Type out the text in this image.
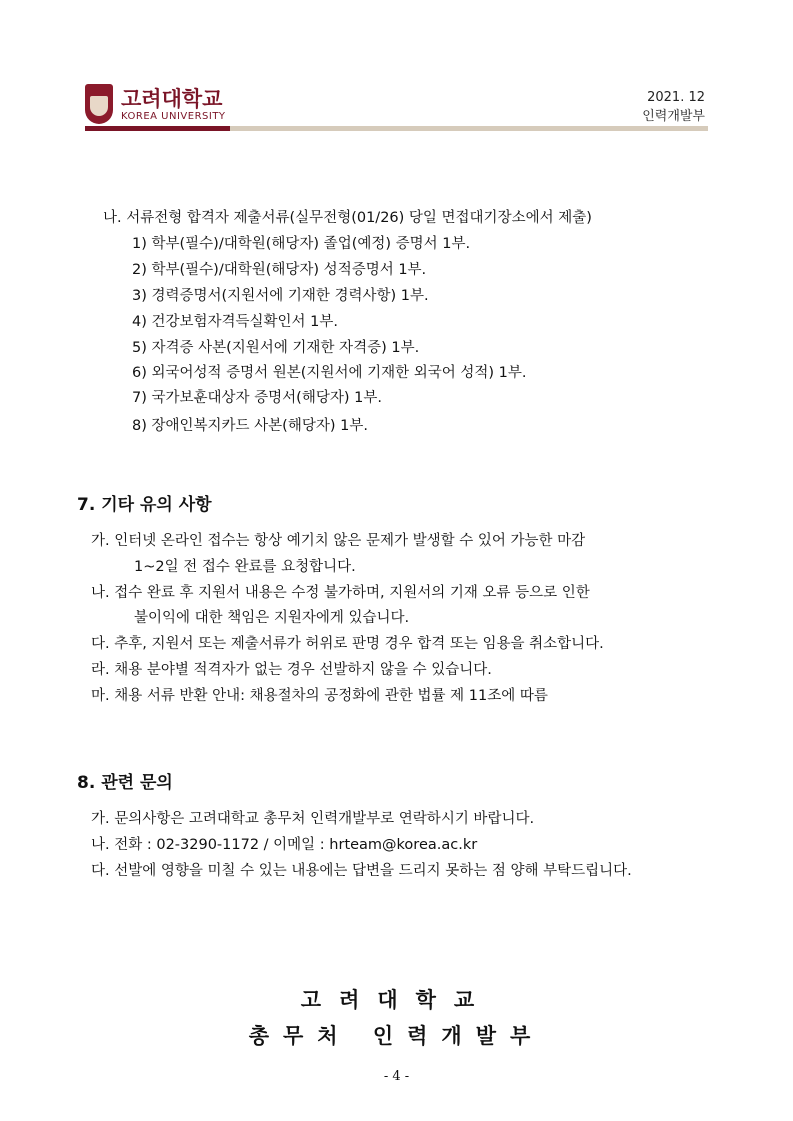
고려대학교
KOREA UNIVERSITY
2021. 12
인력개발부
나. 서류전형 합격자 제출서류(실무전형(01/26) 당일 면접대기장소에서 제출)
1) 학부(필수)/대학원(해당자) 졸업(예정) 증명서 1부.
2) 학부(필수)/대학원(해당자) 성적증명서 1부.
3) 경력증명서(지원서에 기재한 경력사항) 1부.
4) 건강보험자격득실확인서 1부.
5) 자격증 사본(지원서에 기재한 자격증) 1부.
6) 외국어성적 증명서 원본(지원서에 기재한 외국어 성적) 1부.
7) 국가보훈대상자 증명서(해당자) 1부.
8) 장애인복지카드 사본(해당자) 1부.
7. 기타 유의 사항
가. 인터넷 온라인 접수는 항상 예기치 않은 문제가 발생할 수 있어 가능한 마감
1~2일 전 접수 완료를 요청합니다.
나. 접수 완료 후 지원서 내용은 수정 불가하며, 지원서의 기재 오류 등으로 인한
불이익에 대한 책임은 지원자에게 있습니다.
다. 추후, 지원서 또는 제출서류가 허위로 판명 경우 합격 또는 임용을 취소합니다.
라. 채용 분야별 적격자가 없는 경우 선발하지 않을 수 있습니다.
마. 채용 서류 반환 안내: 채용절차의 공정화에 관한 법률 제 11조에 따름
8. 관련 문의
가. 문의사항은 고려대학교 총무처 인력개발부로 연락하시기 바랍니다.
나. 전화 : 02-3290-1172 / 이메일 : hrteam@korea.ac.kr
다. 선발에 영향을 미칠 수 있는 내용에는 답변을 드리지 못하는 점 양해 부탁드립니다.
고려대학교
총무처 인력개발부
- 4 -
